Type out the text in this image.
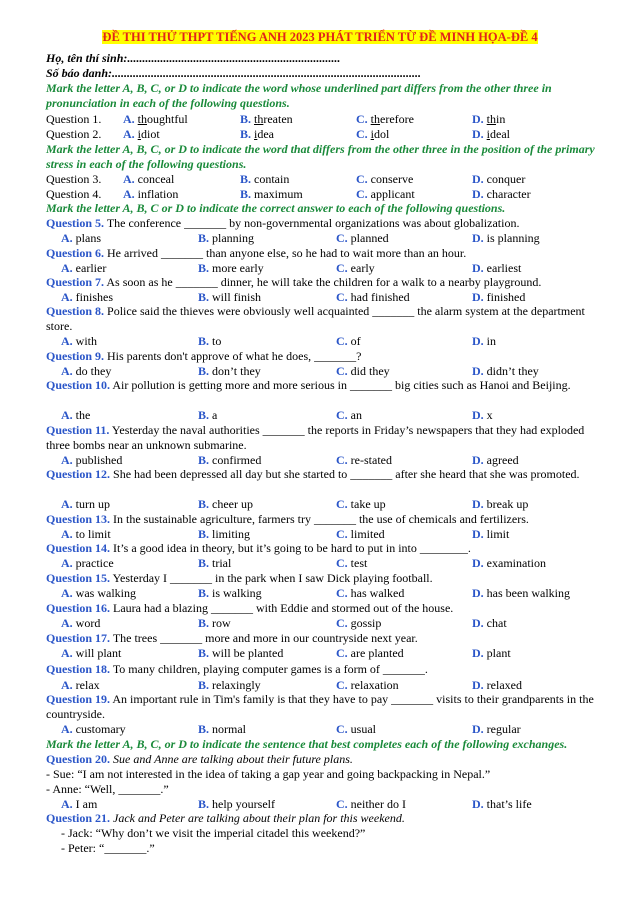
ĐỀ THI THỬ THPT TIẾNG ANH 2023 PHÁT TRIỂN TỪ ĐỀ MINH HỌA-ĐỀ 4
Họ, tên thí sinh:.......................................................................
Số báo danh:.......................................................................................................
Mark the letter A, B, C, or D to indicate the word whose underlined part differs from the other three in pronunciation in each of the following questions.
Question 1. A. thoughtful	B. threaten	C. therefore	D. thin
Question 2. A. idiot	B. idea	C. idol	D. ideal
Mark the letter A, B, C, or D to indicate the word that differs from the other three in the position of the primary stress in each of the following questions.
Question 3. A. conceal	B. contain	C. conserve	D. conquer
Question 4. A. inflation	B. maximum	C. applicant	D. character
Mark the letter A, B, C or D to indicate the correct answer to each of the following questions.
Question 5. The conference _______ by non-governmental organizations was about globalization.
A. plans	B. planning	C. planned	D. is planning
Question 6. He arrived _______ than anyone else, so he had to wait more than an hour.
A. earlier	B. more early	C. early	D. earliest
Question 7. As soon as he _______ dinner, he will take the children for a walk to a nearby playground.
A. finishes	B. will finish	C. had finished	D. finished
Question 8. Police said the thieves were obviously well acquainted _______ the alarm system at the department store.
A. with	B. to	C. of	D. in
Question 9. His parents don't approve of what he does, _______?
A. do they	B. don’t they	C. did they	D. didn’t they
Question 10. Air pollution is getting more and more serious in _______ big cities such as Hanoi and Beijing.
A. the	B. a	C. an	D. x
Question 11. Yesterday the naval authorities _______ the reports in Friday’s newspapers that they had exploded three bombs near an unknown submarine.
A. published	B. confirmed	C. re-stated	D. agreed
Question 12. She had been depressed all day but she started to _______ after she heard that she was promoted.
A. turn up	B. cheer up	C. take up	D. break up
Question 13. In the sustainable agriculture, farmers try _______ the use of chemicals and fertilizers.
A. to limit	B. limiting	C. limited	D. limit
Question 14. It’s a good idea in theory, but it’s going to be hard to put in into ________.
A. practice	B. trial	C. test	D. examination
Question 15. Yesterday I _______ in the park when I saw Dick playing football.
A. was walking	B. is walking	C. has walked	D. has been walking
Question 16. Laura had a blazing _______ with Eddie and stormed out of the house.
A. word	B. row	C. gossip	D. chat
Question 17. The trees _______ more and more in our countryside next year.
A. will plant	B. will be planted	C. are planted	D. plant
Question 18. To many children, playing computer games is a form of _______.
A. relax	B. relaxingly	C. relaxation	D. relaxed
Question 19. An important rule in Tim's family is that they have to pay _______ visits to their grandparents in the countryside.
A. customary	B. normal	C. usual	D. regular
Mark the letter A, B, C, or D to indicate the sentence that best completes each of the following exchanges.
Question 20. Sue and Anne are talking about their future plans.
- Sue: “I am not interested in the idea of taking a gap year and going backpacking in Nepal.”
- Anne: “Well, _______.”
A. I am	B. help yourself	C. neither do I	D. that’s life
Question 21. Jack and Peter are talking about their plan for this weekend.
- Jack: “Why don’t we visit the imperial citadel this weekend?”
- Peter: “_______.”
